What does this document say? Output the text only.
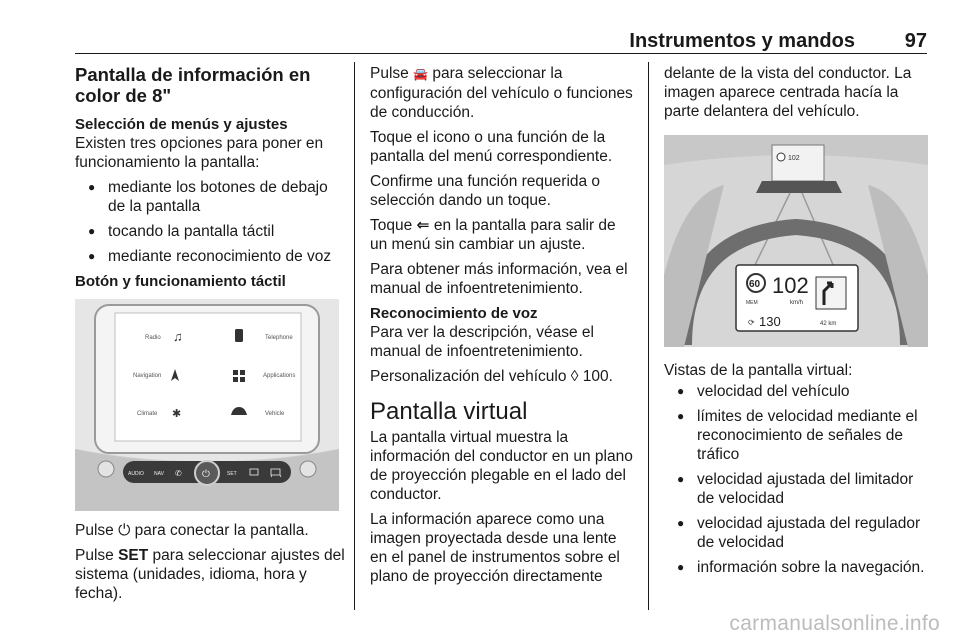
Instrumentos y mandos 97
Pantalla de información en color de 8"
Selección de menús y ajustes

Existen tres opciones para poner en funcionamiento la pantalla:

● mediante los botones de debajo de la pantalla
● tocando la pantalla táctil
● mediante reconocimiento de voz
Botón y funcionamiento táctil
Radio ♫	Telephone
Navigation	Applications
Climate ✱	Vehicle
AUDIO NAV ✆ ⏻	SET

Pulse ⏻ para conectar la pantalla.

Pulse SET para seleccionar ajustes del sistema (unidades, idioma, hora y fecha).

Pulse 🚘 para seleccionar la configuración del vehículo o funciones de conducción.

Toque el icono o una función de la pantalla del menú correspondiente.

Confirme una función requerida o selección dando un toque.

Toque ⇐ en la pantalla para salir de un menú sin cambiar un ajuste.

Para obtener más información, vea el manual de infoentretenimiento.

Reconocimiento de voz

Para ver la descripción, véase el manual de infoentretenimiento.

Personalización del vehículo ◊ 100.

Pantalla virtual

La pantalla virtual muestra la información del conductor en un plano de proyección plegable en el lado del conductor.

La información aparece como una imagen proyectada desde una lente en el panel de instrumentos sobre el plano de proyección directamente

delante de la vista del conductor. La imagen aparece centrada hacía la parte delantera del vehículo.

102
60
MEM
102
km/h
⟳ 130	42 km

Vistas de la pantalla virtual:

● velocidad del vehículo
● límites de velocidad mediante el reconocimiento de señales de tráfico
● velocidad ajustada del limitador de velocidad
● velocidad ajustada del regulador de velocidad
● información sobre la navegación.
carmanualsonline.info
